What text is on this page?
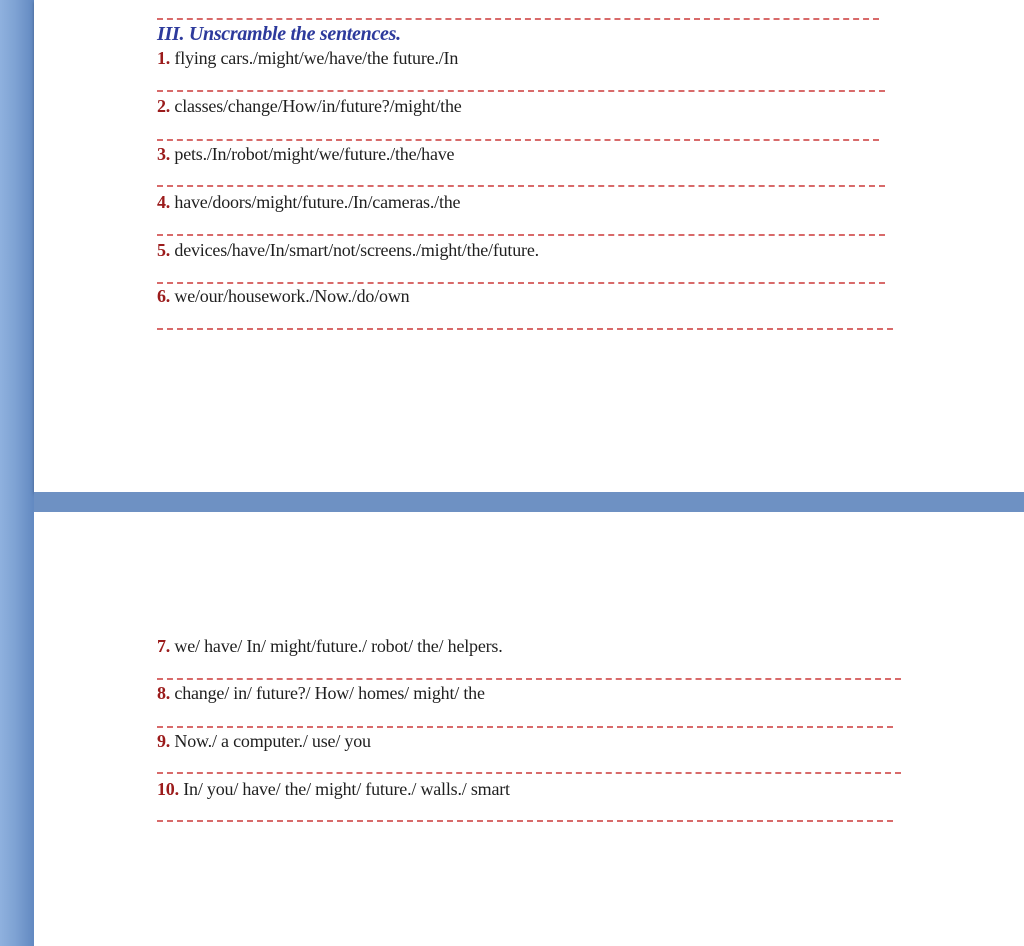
III. Unscramble the sentences.
1. flying cars./might/we/have/the future./In
2. classes/change/How/in/future?/might/the
3. pets./In/robot/might/we/future./the/have
4. have/doors/might/future./In/cameras./the
5. devices/have/In/smart/not/screens./might/the/future.
6. we/our/housework./Now./do/own
7. we/ have/ In/ might/future./ robot/ the/ helpers.
8. change/ in/ future?/ How/ homes/ might/ the
9. Now./ a computer./ use/ you
10. In/ you/ have/ the/ might/ future./ walls./ smart
